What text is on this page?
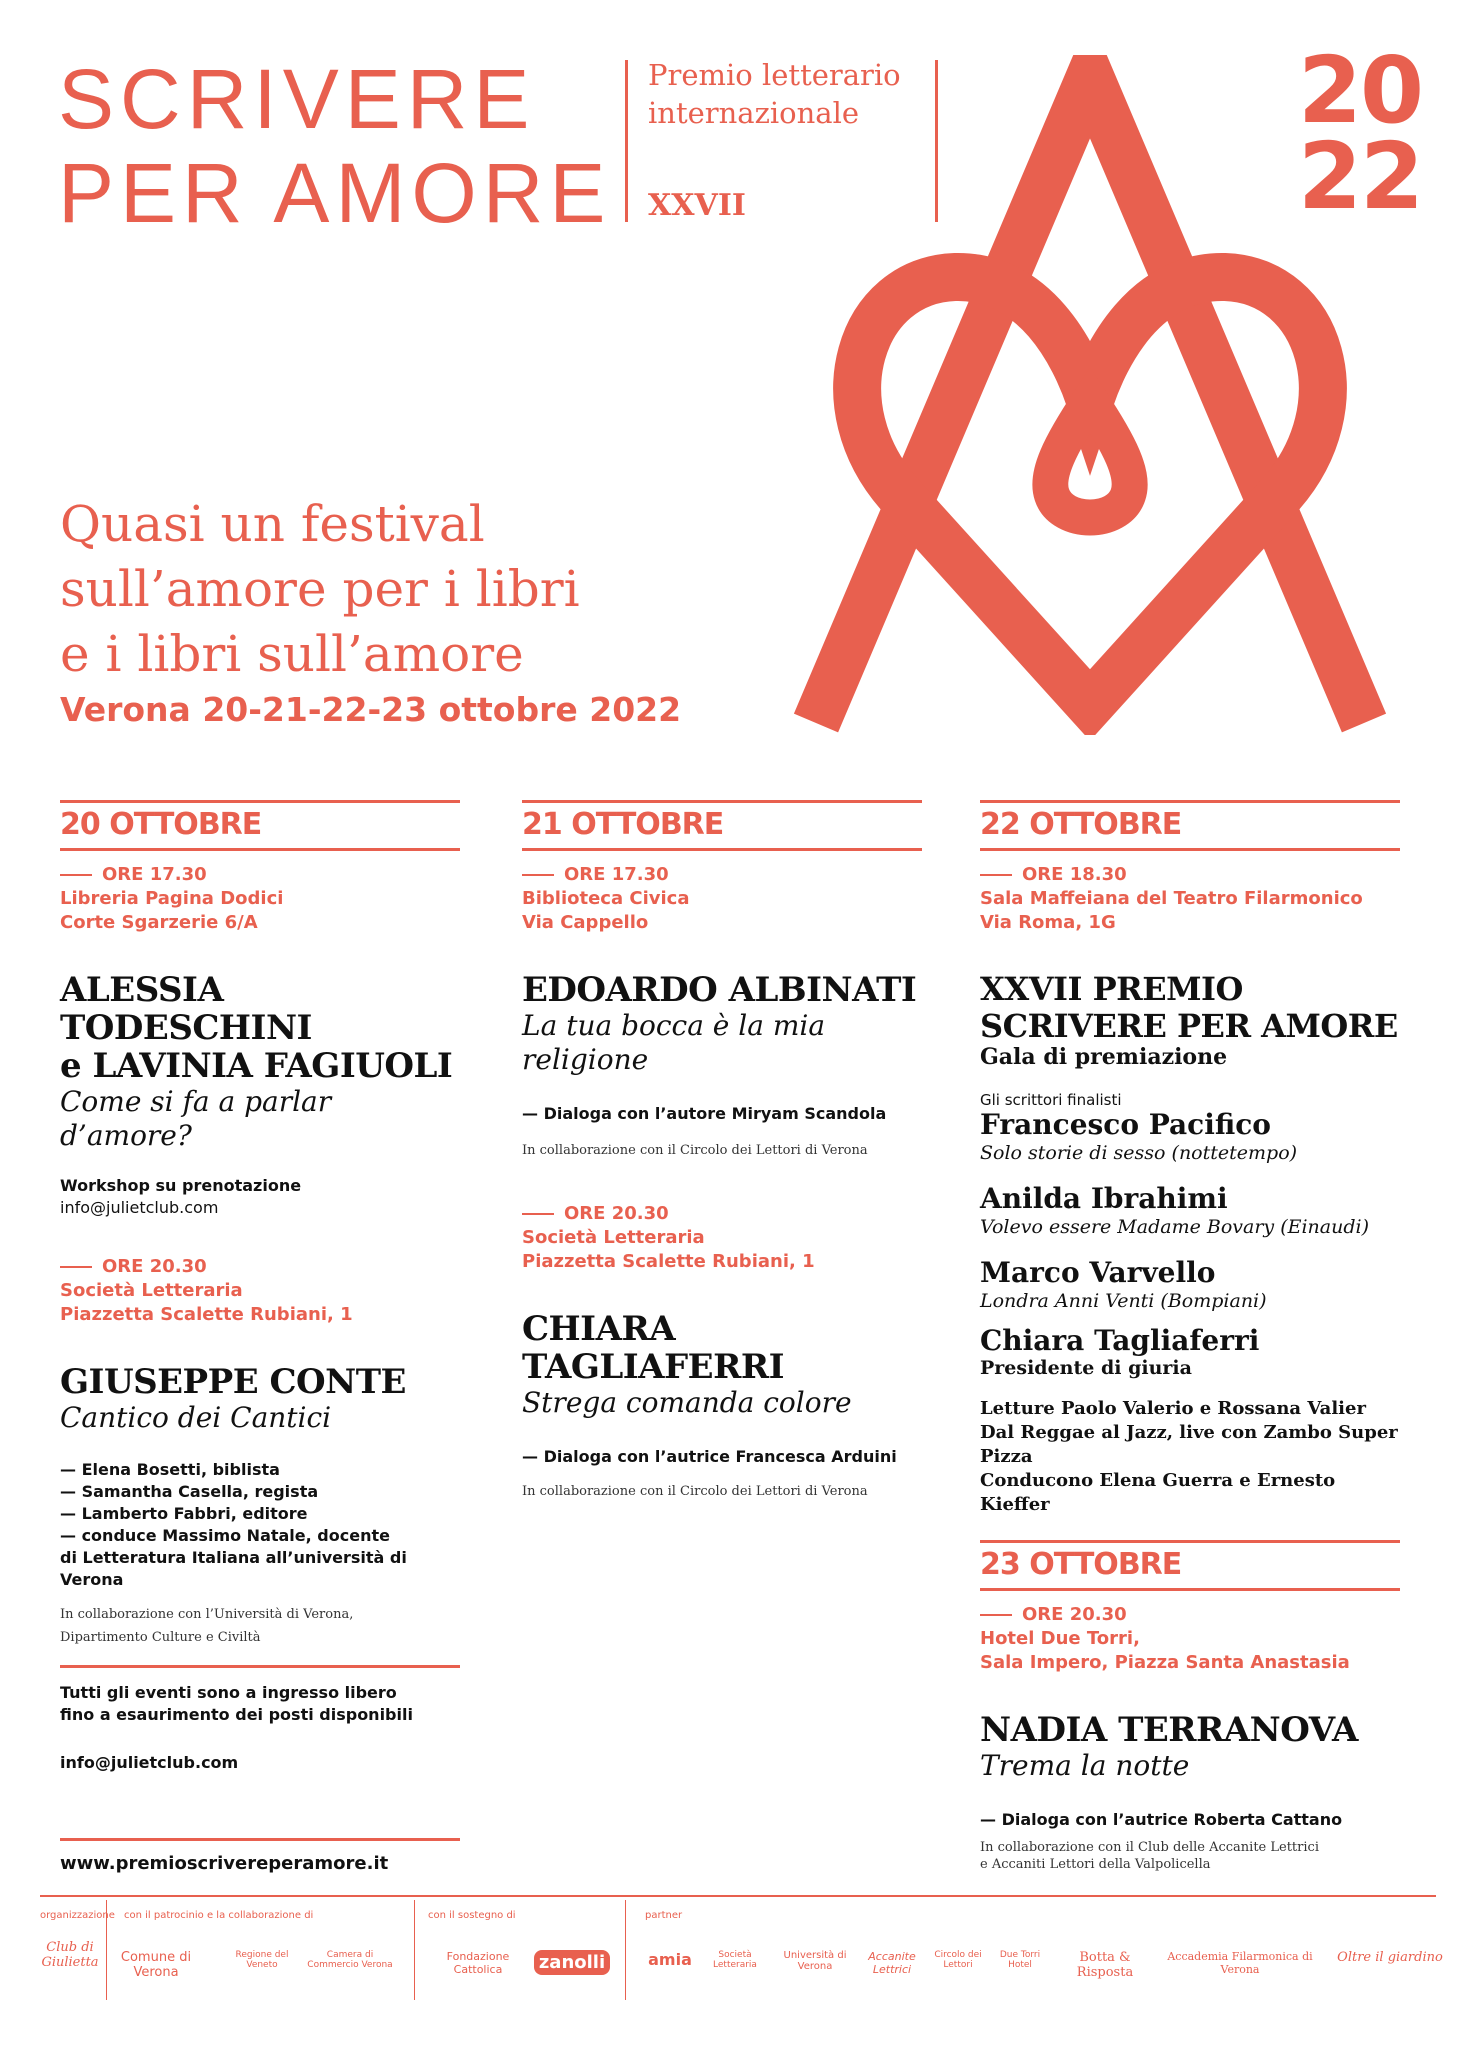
SCRIVERE
PER AMORE
Premio letterario
internazionale
XXVII
20
22
Quasi un festival
sull’amore per i libri
e i libri sull’amore
Verona 20-21-22-23 ottobre 2022
20 OTTOBRE
ORE 17.30
Libreria Pagina Dodici
Corte Sgarzerie 6/A
ALESSIA TODESCHINI
e LAVINIA FAGIUOLI
Come si fa a parlar d’amore?
Workshop su prenotazione
info@julietclub.com
ORE 20.30
Società Letteraria
Piazzetta Scalette Rubiani, 1
GIUSEPPE CONTE
Cantico dei Cantici
— Elena Bosetti, biblista
— Samantha Casella, regista
— Lamberto Fabbri, editore
— conduce Massimo Natale, docente
di Letteratura Italiana all’università di Verona
In collaborazione con l’Università di Verona,
Dipartimento Culture e Civiltà
Tutti gli eventi sono a ingresso libero
fino a esaurimento dei posti disponibili
info@julietclub.com
www.premioscrivereperamore.it
21 OTTOBRE
ORE 17.30
Biblioteca Civica
Via Cappello
EDOARDO ALBINATI
La tua bocca è la mia religione
— Dialoga con l’autore Miryam Scandola
In collaborazione con il Circolo dei Lettori di Verona
ORE 20.30
Società Letteraria
Piazzetta Scalette Rubiani, 1
CHIARA TAGLIAFERRI
Strega comanda colore
— Dialoga con l’autrice Francesca Arduini
In collaborazione con il Circolo dei Lettori di Verona
22 OTTOBRE
ORE 18.30
Sala Maffeiana del Teatro Filarmonico
Via Roma, 1G
XXVII PREMIO
SCRIVERE PER AMORE
Gala di premiazione
Gli scrittori finalisti
Francesco Pacifico
Solo storie di sesso (nottetempo)
Anilda Ibrahimi
Volevo essere Madame Bovary (Einaudi)
Marco Varvello
Londra Anni Venti (Bompiani)
Chiara Tagliaferri
Presidente di giuria
Letture Paolo Valerio e Rossana Valier
Dal Reggae al Jazz, live con Zambo Super Pizza
Conducono Elena Guerra e Ernesto Kieffer
23 OTTOBRE
ORE 20.30
Hotel Due Torri,
Sala Impero, Piazza Santa Anastasia
NADIA TERRANOVA
Trema la notte
— Dialoga con l’autrice Roberta Cattano
In collaborazione con il Club delle Accanite Lettrici
e Accaniti Lettori della Valpolicella
organizzazione con il patrocinio e la collaborazione di	con il sostegno di	partner
Club di Giulietta Comune di Verona
Regione del Veneto
Camera di Commercio Verona
Fondazione Cattolica	zanolli	amia	Società Letteraria
Università di Verona
Accanite Lettrici
Circolo dei Lettori
Due Torri Hotel	Botta & Risposta
Accademia Filarmonica di Verona
Oltre il giardino
